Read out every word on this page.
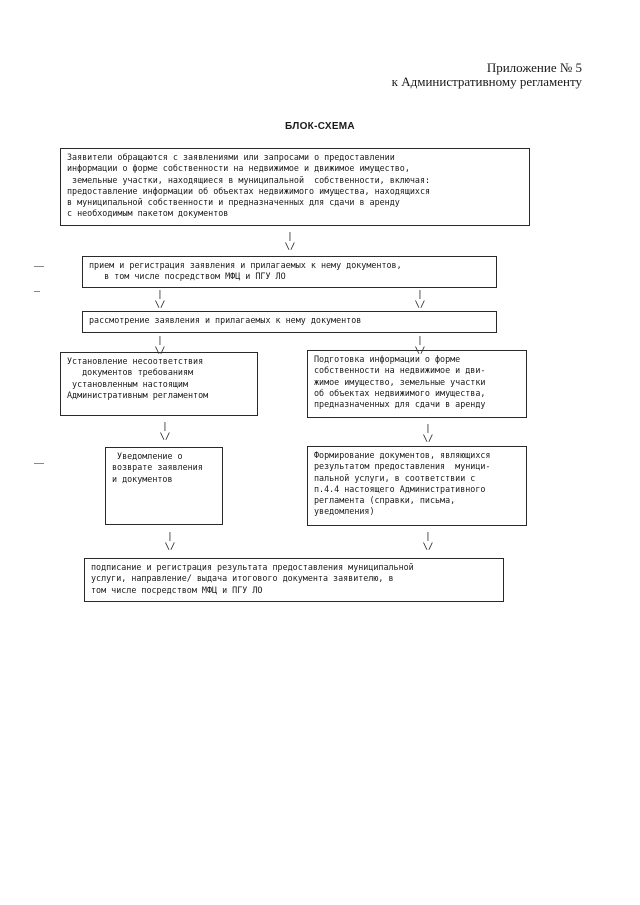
Приложение № 5
к Административному регламенту
БЛОК-СХЕМА
Заявители обращаются с заявлениями или запросами о предоставлении
информации о форме собственности на недвижимое и движимое имущество,
земельные участки, находящиеся в муниципальной  собственности, включая:
предоставление информации об объектах недвижимого имущества, находящихся
в муниципальной собственности и предназначенных для сдачи в аренду
с необходимым пакетом документов
|
\/
прием и регистрация заявления и прилагаемых к нему документов,
в том числе посредством МФЦ и ПГУ ЛО
|
\/
|
\/
рассмотрение заявления и прилагаемых к нему документов
|
\/
|
\/
Установление несоответствия
документов требованиям
установленным настоящим
Административным регламентом
Подготовка информации о форме
собственности на недвижимое и дви-
жимое имущество, земельные участки
об объектах недвижимого имущества,
предназначенных для сдачи в аренду
|
\/
|
\/
Уведомление о
возврате заявления
и документов
Формирование документов, являющихся
результатом предоставления  муници-
пальной услуги, в соответствии с
п.4.4 настоящего Административного
регламента (справки, письма,
уведомления)
|
\/
|
\/
подписание и регистрация результата предоставления муниципальной
услуги, направление/ выдача итогового документа заявителю, в
том числе посредством МФЦ и ПГУ ЛО
